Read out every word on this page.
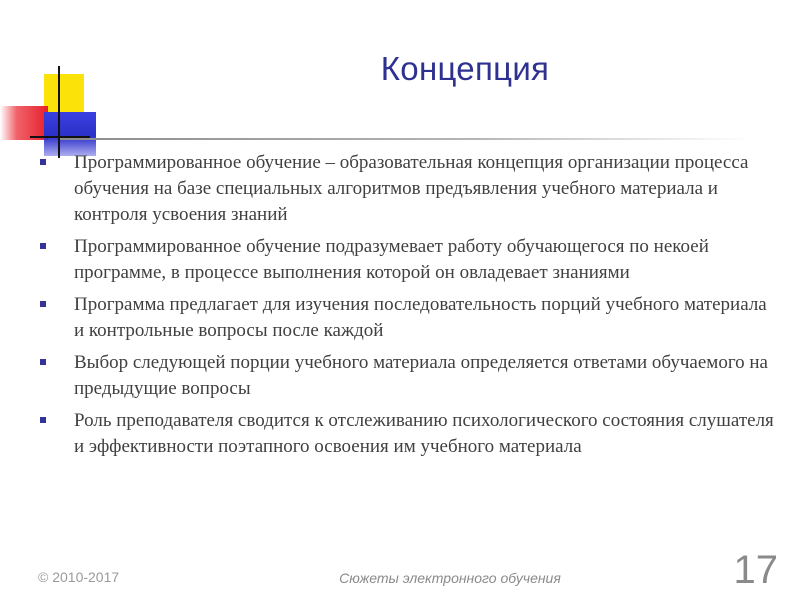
Концепция
Программированное обучение – образовательная концепция организации процесса обучения на базе специальных алгоритмов предъявления учебного материала и контроля усвоения знаний
Программированное обучение подразумевает работу обучающегося по некоей программе, в процессе выполнения которой он овладевает знаниями
Программа предлагает для изучения последовательность порций учебного материала и контрольные вопросы после каждой
Выбор следующей порции учебного материала определяется ответами обучаемого на предыдущие вопросы
Роль преподавателя сводится к отслеживанию психологического состояния слушателя и эффективности поэтапного освоения им учебного материала
© 2010-2017	Сюжеты электронного обучения	17
